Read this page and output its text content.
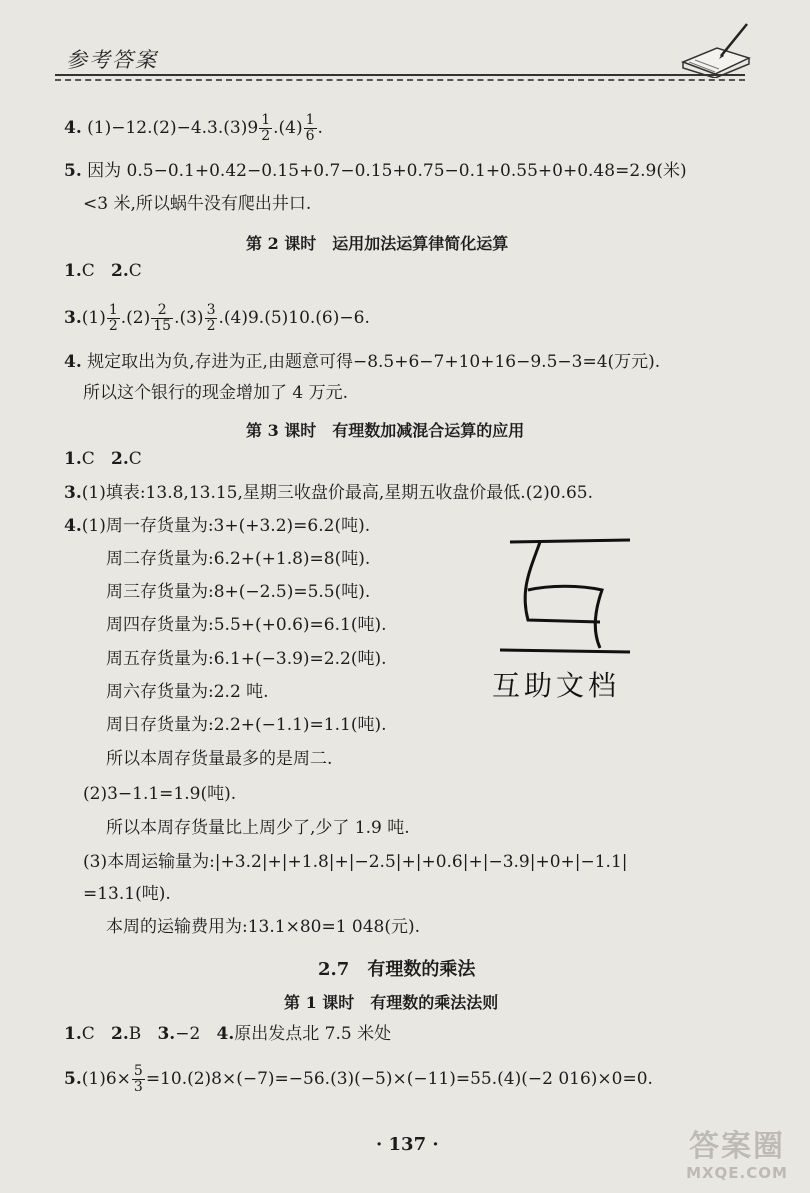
参考答案
4. $(1)-12.(2)-4.3.(3)9 \frac{1}{2} .(4) \frac{1}{6}$ .
5. 因为 0.5−0.1+0.42−0.15+0.7−0.15+0.75−0.1+0.55+0+0.48=2.9(米)
<3 米,所以蜗牛没有爬出井口.
第 2 课时　运用加法运算律简化运算
1.C 2.C
$3.(1) \frac{1}{2} .(2) \frac{2}{15} .(3) \frac{3}{2} .(4)9.(5)10.(6)-6$.
4. 规定取出为负,存进为正,由题意可得−8.5+6−7+10+16−9.5−3=4(万元).
所以这个银行的现金增加了 4 万元.
第 3 课时　有理数加减混合运算的应用
1.C 2.C
3.(1)填表:13.8,13.15,星期三收盘价最高,星期五收盘价最低.(2)0.65.
4.(1)周一存货量为:3+(+3.2)=6.2(吨).
周二存货量为:6.2+(+1.8)=8(吨).
周三存货量为:8+(−2.5)=5.5(吨).
周四存货量为:5.5+(+0.6)=6.1(吨).
周五存货量为:6.1+(−3.9)=2.2(吨).
周六存货量为:2.2 吨.
周日存货量为:2.2+(−1.1)=1.1(吨).
所以本周存货量最多的是周二.
(2)3−1.1=1.9(吨).
所以本周存货量比上周少了,少了 1.9 吨.
(3)本周运输量为:|+3.2|+|+1.8|+|−2.5|+|+0.6|+|−3.9|+0+|−1.1|
=13.1(吨).
本周的运输费用为:13.1×80=1 048(元).
互助文档
2.7　有理数的乘法
第 1 课时　有理数的乘法法则
1.C 2.B 3.−2 4.原出发点北 7.5 米处
$5.(1)6\times \frac{5}{3} =10.(2)8\times(-7)=-56.(3)(-5)\times(-11)=55.(4)(-2$ 016)×0=0.
· 137 ·	答案圈
MXQE.COM
